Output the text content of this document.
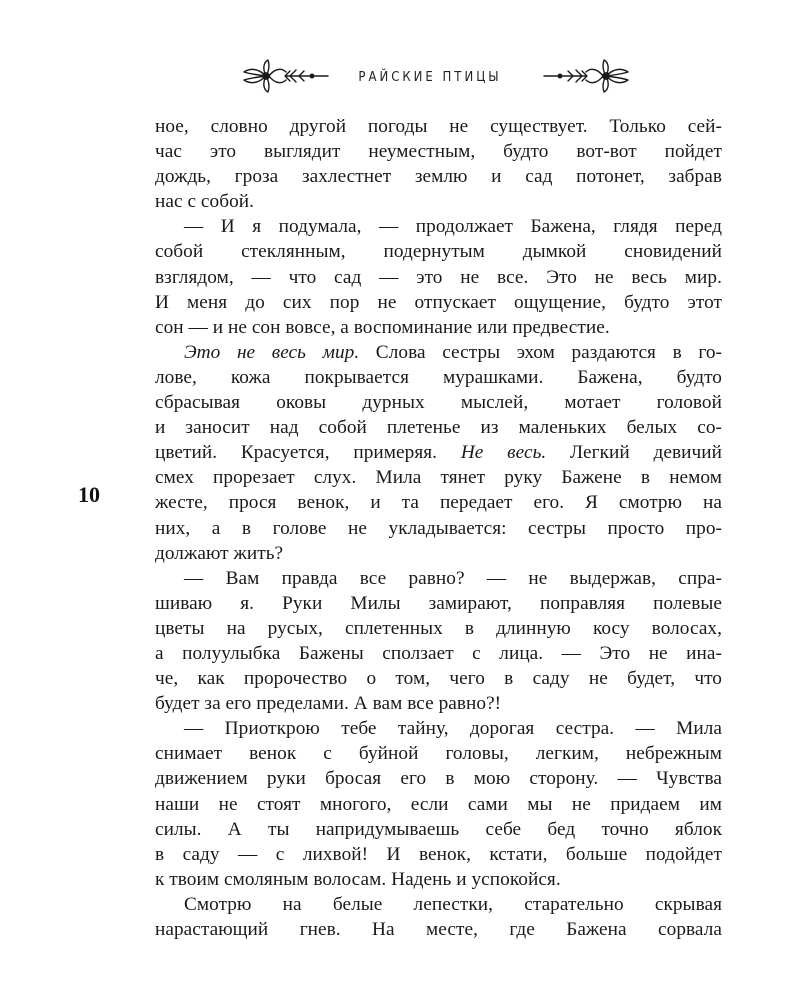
РАЙСКИЕ ПТИЦЫ
10
ное, словно другой погоды не существует. Только сей-
час это выглядит неуместным, будто вот-вот пойдет
дождь, гроза захлестнет землю и сад потонет, забрав
нас с собой.
— И я подумала, — продолжает Бажена, глядя перед
собой стеклянным, подернутым дымкой сновидений
взглядом, — что сад — это не все. Это не весь мир.
И меня до сих пор не отпускает ощущение, будто этот
сон — и не сон вовсе, а воспоминание или предвестие.
Это не весь мир. Слова сестры эхом раздаются в го-
лове, кожа покрывается мурашками. Бажена, будто
сбрасывая оковы дурных мыслей, мотает головой
и заносит над собой плетенье из маленьких белых со-
цветий. Красуется, примеряя. Не весь. Легкий девичий
смех прорезает слух. Мила тянет руку Бажене в немом
жесте, прося венок, и та передает его. Я смотрю на
них, а в голове не укладывается: сестры просто про-
должают жить?
— Вам правда все равно? — не выдержав, спра-
шиваю я. Руки Милы замирают, поправляя полевые
цветы на русых, сплетенных в длинную косу волосах,
а полуулыбка Бажены сползает с лица. — Это не ина-
че, как пророчество о том, чего в саду не будет, что
будет за его пределами. А вам все равно?!
— Приоткрою тебе тайну, дорогая сестра. — Мила
снимает венок с буйной головы, легким, небрежным
движением руки бросая его в мою сторону. — Чувства
наши не стоят многого, если сами мы не придаем им
силы. А ты напридумываешь себе бед точно яблок
в саду — с лихвой! И венок, кстати, больше подойдет
к твоим смоляным волосам. Надень и успокойся.
Смотрю на белые лепестки, старательно скрывая
нарастающий гнев. На месте, где Бажена сорвала
